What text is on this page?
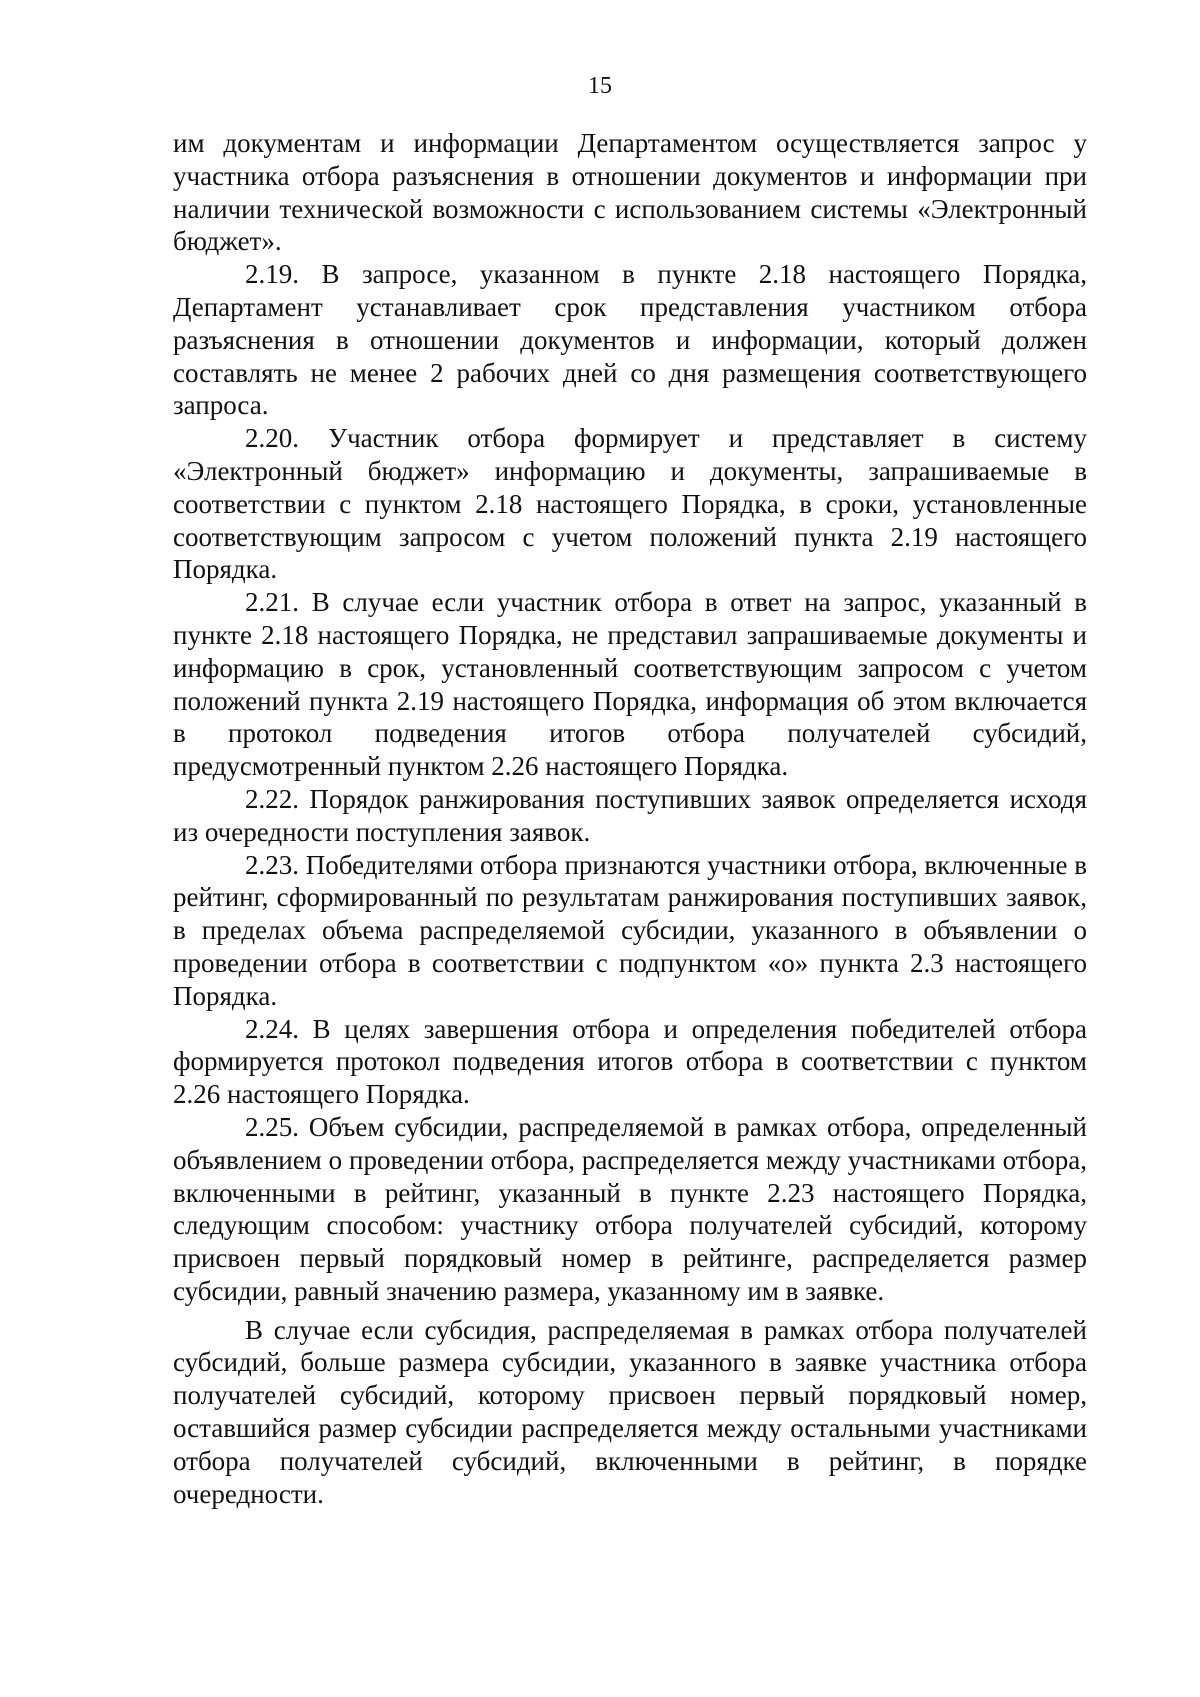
15

им документам и информации Департаментом осуществляется запрос у участника отбора разъяснения в отношении документов и информации при наличии технической возможности с использованием системы «Электронный бюджет».

2.19. В запросе, указанном в пункте 2.18 настоящего Порядка, Департамент устанавливает срок представления участником отбора разъяснения в отношении документов и информации, который должен составлять не менее 2 рабочих дней со дня размещения соответствующего запроса.

2.20. Участник отбора формирует и представляет в систему «Электронный бюджет» информацию и документы, запрашиваемые в соответствии с пунктом 2.18 настоящего Порядка, в сроки, установленные соответствующим запросом с учетом положений пункта 2.19 настоящего Порядка.

2.21. В случае если участник отбора в ответ на запрос, указанный в пункте 2.18 настоящего Порядка, не представил запрашиваемые документы и информацию в срок, установленный соответствующим запросом с учетом положений пункта 2.19 настоящего Порядка, информация об этом включается в протокол подведения итогов отбора получателей субсидий, предусмотренный пунктом 2.26 настоящего Порядка.

2.22. Порядок ранжирования поступивших заявок определяется исходя из очередности поступления заявок.

2.23. Победителями отбора признаются участники отбора, включенные в рейтинг, сформированный по результатам ранжирования поступивших заявок, в пределах объема распределяемой субсидии, указанного в объявлении о проведении отбора в соответствии с подпунктом «о» пункта 2.3 настоящего Порядка.

2.24. В целях завершения отбора и определения победителей отбора формируется протокол подведения итогов отбора в соответствии с пунктом 2.26 настоящего Порядка.

2.25. Объем субсидии, распределяемой в рамках отбора, определенный объявлением о проведении отбора, распределяется между участниками отбора, включенными в рейтинг, указанный в пункте 2.23 настоящего Порядка, следующим способом: участнику отбора получателей субсидий, которому присвоен первый порядковый номер в рейтинге, распределяется размер субсидии, равный значению размера, указанному им в заявке.

В случае если субсидия, распределяемая в рамках отбора получателей субсидий, больше размера субсидии, указанного в заявке участника отбора получателей субсидий, которому присвоен первый порядковый номер, оставшийся размер субсидии распределяется между остальными участниками отбора получателей субсидий, включенными в рейтинг, в порядке очередности.
